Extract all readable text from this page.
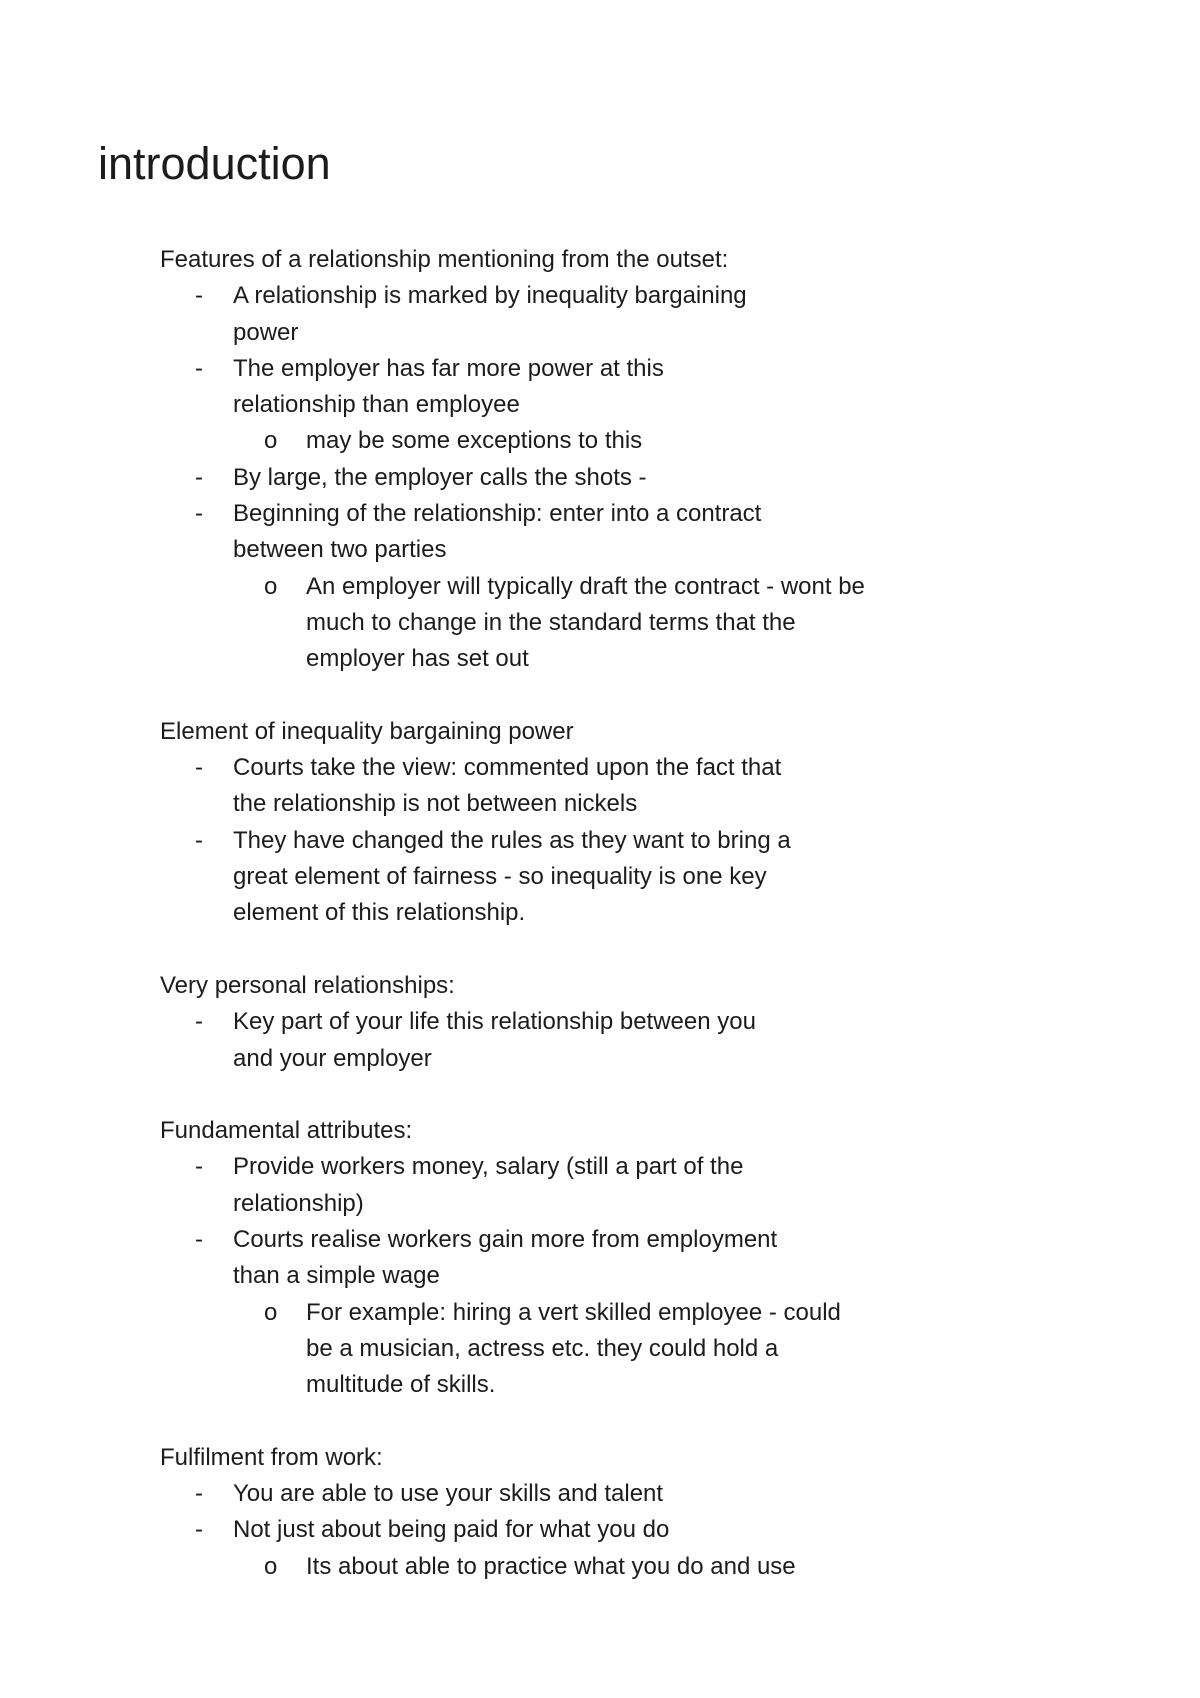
introduction
Features of a relationship mentioning from the outset:
- A relationship is marked by inequality bargaining power
- The employer has far more power at this relationship than employee
o may be some exceptions to this
- By large, the employer calls the shots -
- Beginning of the relationship: enter into a contract between two parties
o An employer will typically draft the contract - wont be much to change in the standard terms that the employer has set out
Element of inequality bargaining power
- Courts take the view: commented upon the fact that the relationship is not between nickels
- They have changed the rules as they want to bring a great element of fairness - so inequality is one key element of this relationship.
Very personal relationships:
- Key part of your life this relationship between you and your employer
Fundamental attributes:
- Provide workers money, salary (still a part of the relationship)
- Courts realise workers gain more from employment than a simple wage
o For example: hiring a vert skilled employee - could be a musician, actress etc. they could hold a multitude of skills.
Fulfilment from work:
- You are able to use your skills and talent
- Not just about being paid for what you do
o Its about able to practice what you do and use
